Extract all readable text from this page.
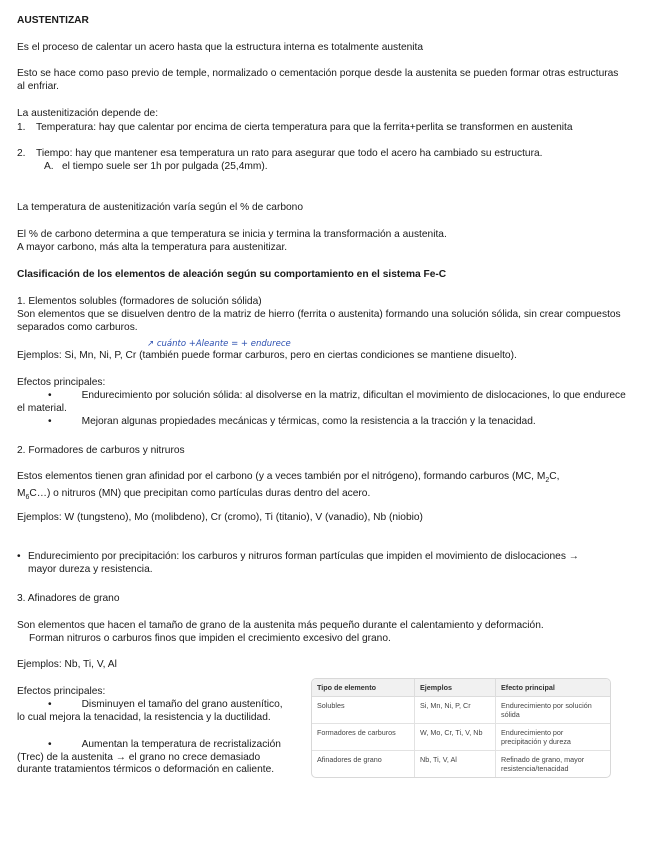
AUSTENTIZAR
Es el proceso de calentar un acero hasta que la estructura interna es totalmente austenita
Esto se hace como paso previo de temple, normalizado o cementación porque desde la austenita se pueden formar otras estructuras al enfriar.
La austenitización depende de:
1. Temperatura: hay que calentar por encima de cierta temperatura para que la ferrita+perlita se transformen en austenita
2. Tiempo: hay que mantener esa temperatura un rato para asegurar que todo el acero ha cambiado su estructura.
A. el tiempo suele ser 1h por pulgada (25,4mm).
La temperatura de austenitización varía según el % de carbono
El % de carbono determina a que temperatura se inicia y termina la transformación a austenita.
A mayor carbono, más alta la temperatura para austenitizar.
Clasificación de los elementos de aleación según su comportamiento en el sistema Fe-C
1. Elementos solubles (formadores de solución sólida)
Son elementos que se disuelven dentro de la matriz de hierro (ferrita o austenita) formando una solución sólida, sin crear compuestos separados como carburos.
↗ cuánto +Aleante = + endurece
Ejemplos: Si, Mn, Ni, P, Cr (también puede formar carburos, pero en ciertas condiciones se mantiene disuelto).
Efectos principales:
•	Endurecimiento por solución sólida: al disolverse en la matriz, dificultan el movimiento de dislocaciones, lo que endurece el material.
•	Mejoran algunas propiedades mecánicas y térmicas, como la resistencia a la tracción y la tenacidad.
2. Formadores de carburos y nitruros
Estos elementos tienen gran afinidad por el carbono (y a veces también por el nitrógeno), formando carburos (MC, $M_2C$,
$M_6C\dots$) o nitruros (MN) que precipitan como partículas duras dentro del acero.
Ejemplos: W (tungsteno), Mo (molibdeno), Cr (cromo), Ti (titanio), V (vanadio), Nb (niobio)
• Endurecimiento por precipitación: los carburos y nitruros forman partículas que impiden el movimiento de dislocaciones → mayor dureza y resistencia.
3. Afinadores de grano
Son elementos que hacen el tamaño de grano de la austenita más pequeño durante el calentamiento y deformación.
Forman nitruros o carburos finos que impiden el crecimiento excesivo del grano.
Ejemplos: Nb, Ti, V, Al
Efectos principales:
•	Disminuyen el tamaño del grano austenítico, lo cual mejora la tenacidad, la resistencia y la ductilidad.
•	Aumentan la temperatura de recristalización (Trec) de la austenita → el grano no crece demasiado durante tratamientos térmicos o deformación en caliente.
Tipo de elemento	Ejemplos	Efecto principal
Solubles	Si, Mn, Ni, P, Cr	Endurecimiento por solución sólida
Formadores de carburos	W, Mo, Cr, Ti, V, Nb	Endurecimiento por precipitación y dureza
Afinadores de grano	Nb, Ti, V, Al	Refinado de grano, mayor resistencia/tenacidad
